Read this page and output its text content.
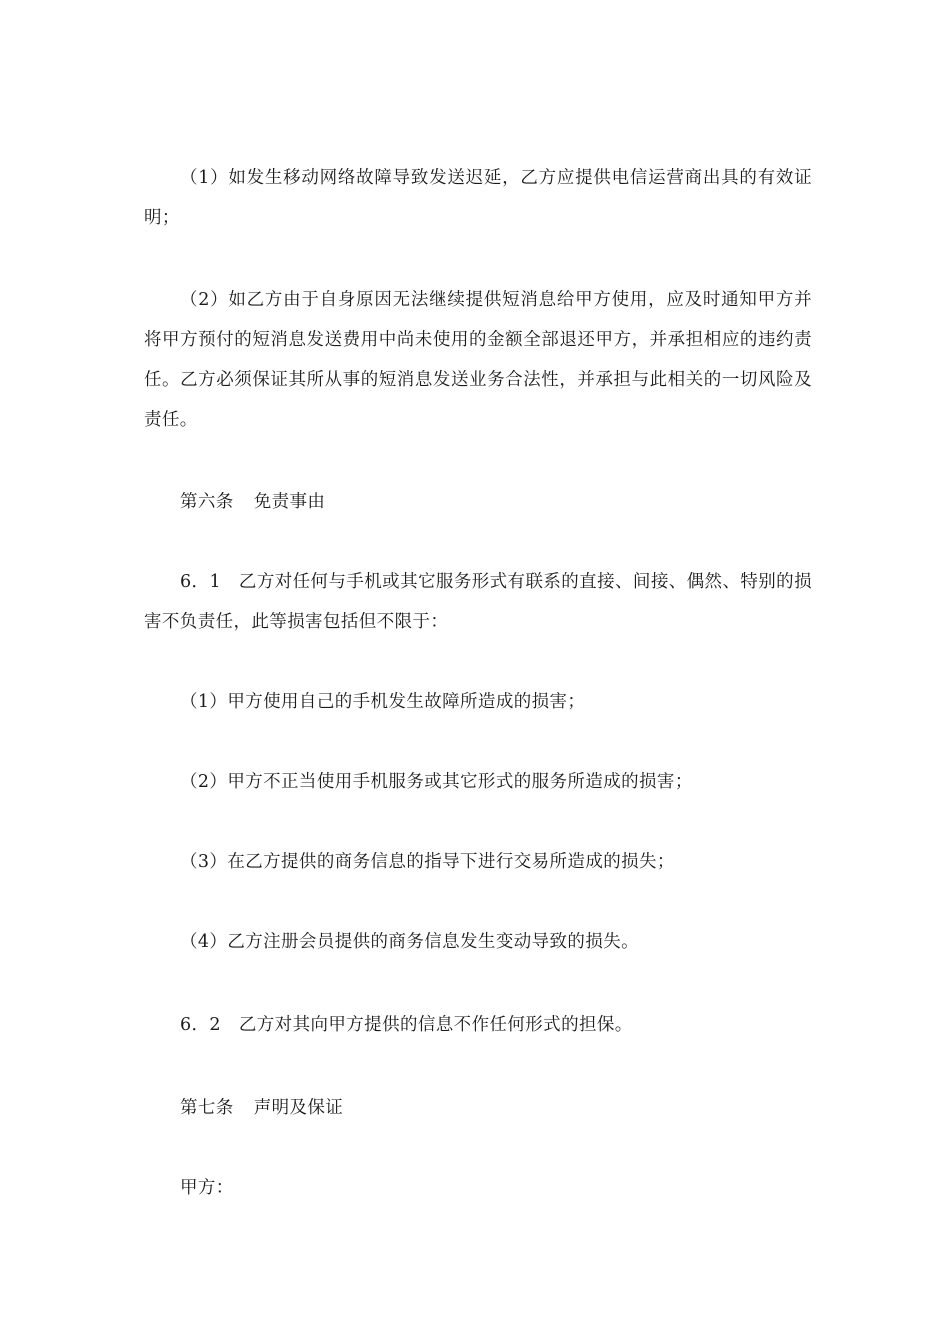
（1）如发生移动网络故障导致发送迟延，乙方应提供电信运营商出具的有效证明；

（2）如乙方由于自身原因无法继续提供短消息给甲方使用，应及时通知甲方并将甲方预付的短消息发送费用中尚未使用的金额全部退还甲方，并承担相应的违约责任。乙方必须保证其所从事的短消息发送业务合法性，并承担与此相关的一切风险及责任。

第六条 免责事由

6．1　乙方对任何与手机或其它服务形式有联系的直接、间接、偶然、特别的损害不负责任，此等损害包括但不限于：

（1）甲方使用自己的手机发生故障所造成的损害；

（2）甲方不正当使用手机服务或其它形式的服务所造成的损害；

（3）在乙方提供的商务信息的指导下进行交易所造成的损失；

（4）乙方注册会员提供的商务信息发生变动导致的损失。

6．2　乙方对其向甲方提供的信息不作任何形式的担保。

第七条 声明及保证

甲方：
